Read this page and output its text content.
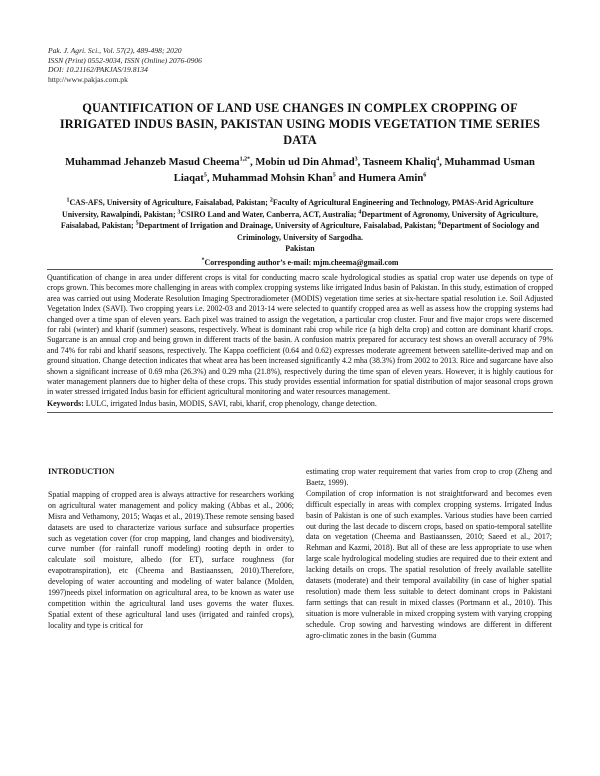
Pak. J. Agri. Sci., Vol. 57(2), 489-498; 2020
ISSN (Print) 0552-9034, ISSN (Online) 2076-0906
DOI: 10.21162/PAKJAS/19.8134
http://www.pakjas.com.pk
QUANTIFICATION OF LAND USE CHANGES IN COMPLEX CROPPING OF IRRIGATED INDUS BASIN, PAKISTAN USING MODIS VEGETATION TIME SERIES DATA
Muhammad Jehanzeb Masud Cheema$^{1,2*}$, Mobin ud Din Ahmad$^3$, Tasneem Khaliq$^4$, Muhammad Usman Liaqat$^5$, Muhammad Mohsin Khan$^5$ and Humera Amin$^6$
$^1$CAS-AFS, University of Agriculture, Faisalabad, Pakistan; $^2$Faculty of Agricultural Engineering and Technology, PMAS-Arid Agriculture University, Rawalpindi, Pakistan; $^3$CSIRO Land and Water, Canberra, ACT, Australia; $^4$Department of Agronomy, University of Agriculture, Faisalabad, Pakistan; $^5$Department of Irrigation and Drainage, University of Agriculture, Faisalabad, Pakistan; $^6$Department of Sociology and Criminology, University of Sargodha.
Pakistan
*Corresponding author’s e-mail: mjm.cheema@gmail.com

Quantification of change in area under different crops is vital for conducting macro scale hydrological studies as spatial crop water use depends on type of crops grown. This becomes more challenging in areas with complex cropping systems like irrigated Indus basin of Pakistan. In this study, estimation of cropped area was carried out using Moderate Resolution Imaging Spectroradiometer (MODIS) vegetation time series at six-hectare spatial resolution i.e. Soil Adjusted Vegetation Index (SAVI). Two cropping years i.e. 2002-03 and 2013-14 were selected to quantify cropped area as well as assess how the cropping systems had changed over a time span of eleven years. Each pixel was trained to assign the vegetation, a particular crop cluster. Four and five major crops were discerned for rabi (winter) and kharif (summer) seasons, respectively. Wheat is dominant rabi crop while rice (a high delta crop) and cotton are dominant kharif crops. Sugarcane is an annual crop and being grown in different tracts of the basin. A confusion matrix prepared for accuracy test shows an overall accuracy of 79% and 74% for rabi and kharif seasons, respectively. The Kappa coefficient (0.64 and 0.62) expresses moderate agreement between satellite-derived map and on ground situation. Change detection indicates that wheat area has been increased significantly 4.2 mha (38.3%) from 2002 to 2013. Rice and sugarcane have also shown a significant increase of 0.69 mha (26.3%) and 0.29 mha (21.8%), respectively during the time span of eleven years. However, it is highly cautious for water management planners due to higher delta of these crops. This study provides essential information for spatial distribution of major seasonal crops grown in water stressed irrigated Indus basin for efficient agricultural monitoring and water resources management.

Keywords: LULC, irrigated Indus basin, MODIS, SAVI, rabi, kharif, crop phenology, change detection.
INTRODUCTION

Spatial mapping of cropped area is always attractive for researchers working on agricultural water management and policy making (Abbas et al., 2006; Misra and Vethamony, 2015; Waqas et al., 2019).These remote sensing based datasets are used to characterize various surface and subsurface properties such as vegetation cover (for crop mapping, land changes and biodiversity), curve number (for rainfall runoff modeling) rooting depth in order to calculate soil moisture, albedo (for ET), surface roughness (for evapotranspiration), etc (Cheema and Bastiaanssen, 2010).Therefore, developing of water accounting and modeling of water balance (Molden, 1997)needs pixel information on agricultural area, to be known as water use competition within the agricultural land uses governs the water fluxes. Spatial extent of these agricultural land uses (irrigated and rainfed crops), locality and type is critical for

estimating crop water requirement that varies from crop to crop (Zheng and Baetz, 1999).

Compilation of crop information is not straightforward and becomes even difficult especially in areas with complex cropping systems. Irrigated Indus basin of Pakistan is one of such examples. Various studies have been carried out during the last decade to discern crops, based on spatio-temporal satellite data on vegetation (Cheema and Bastiaanssen, 2010; Saeed et al., 2017; Rehman and Kazmi, 2018). But all of these are less appropriate to use when large scale hydrological modeling studies are required due to their extent and lacking details on crops. The spatial resolution of freely available satellite datasets (moderate) and their temporal availability (in case of higher spatial resolution) made them less suitable to detect dominant crops in Pakistani farm settings that can result in mixed classes (Portmann et al., 2010). This situation is more vulnerable in mixed cropping system with varying cropping schedule. Crop sowing and harvesting windows are different in different agro-climatic zones in the basin (Gumma
